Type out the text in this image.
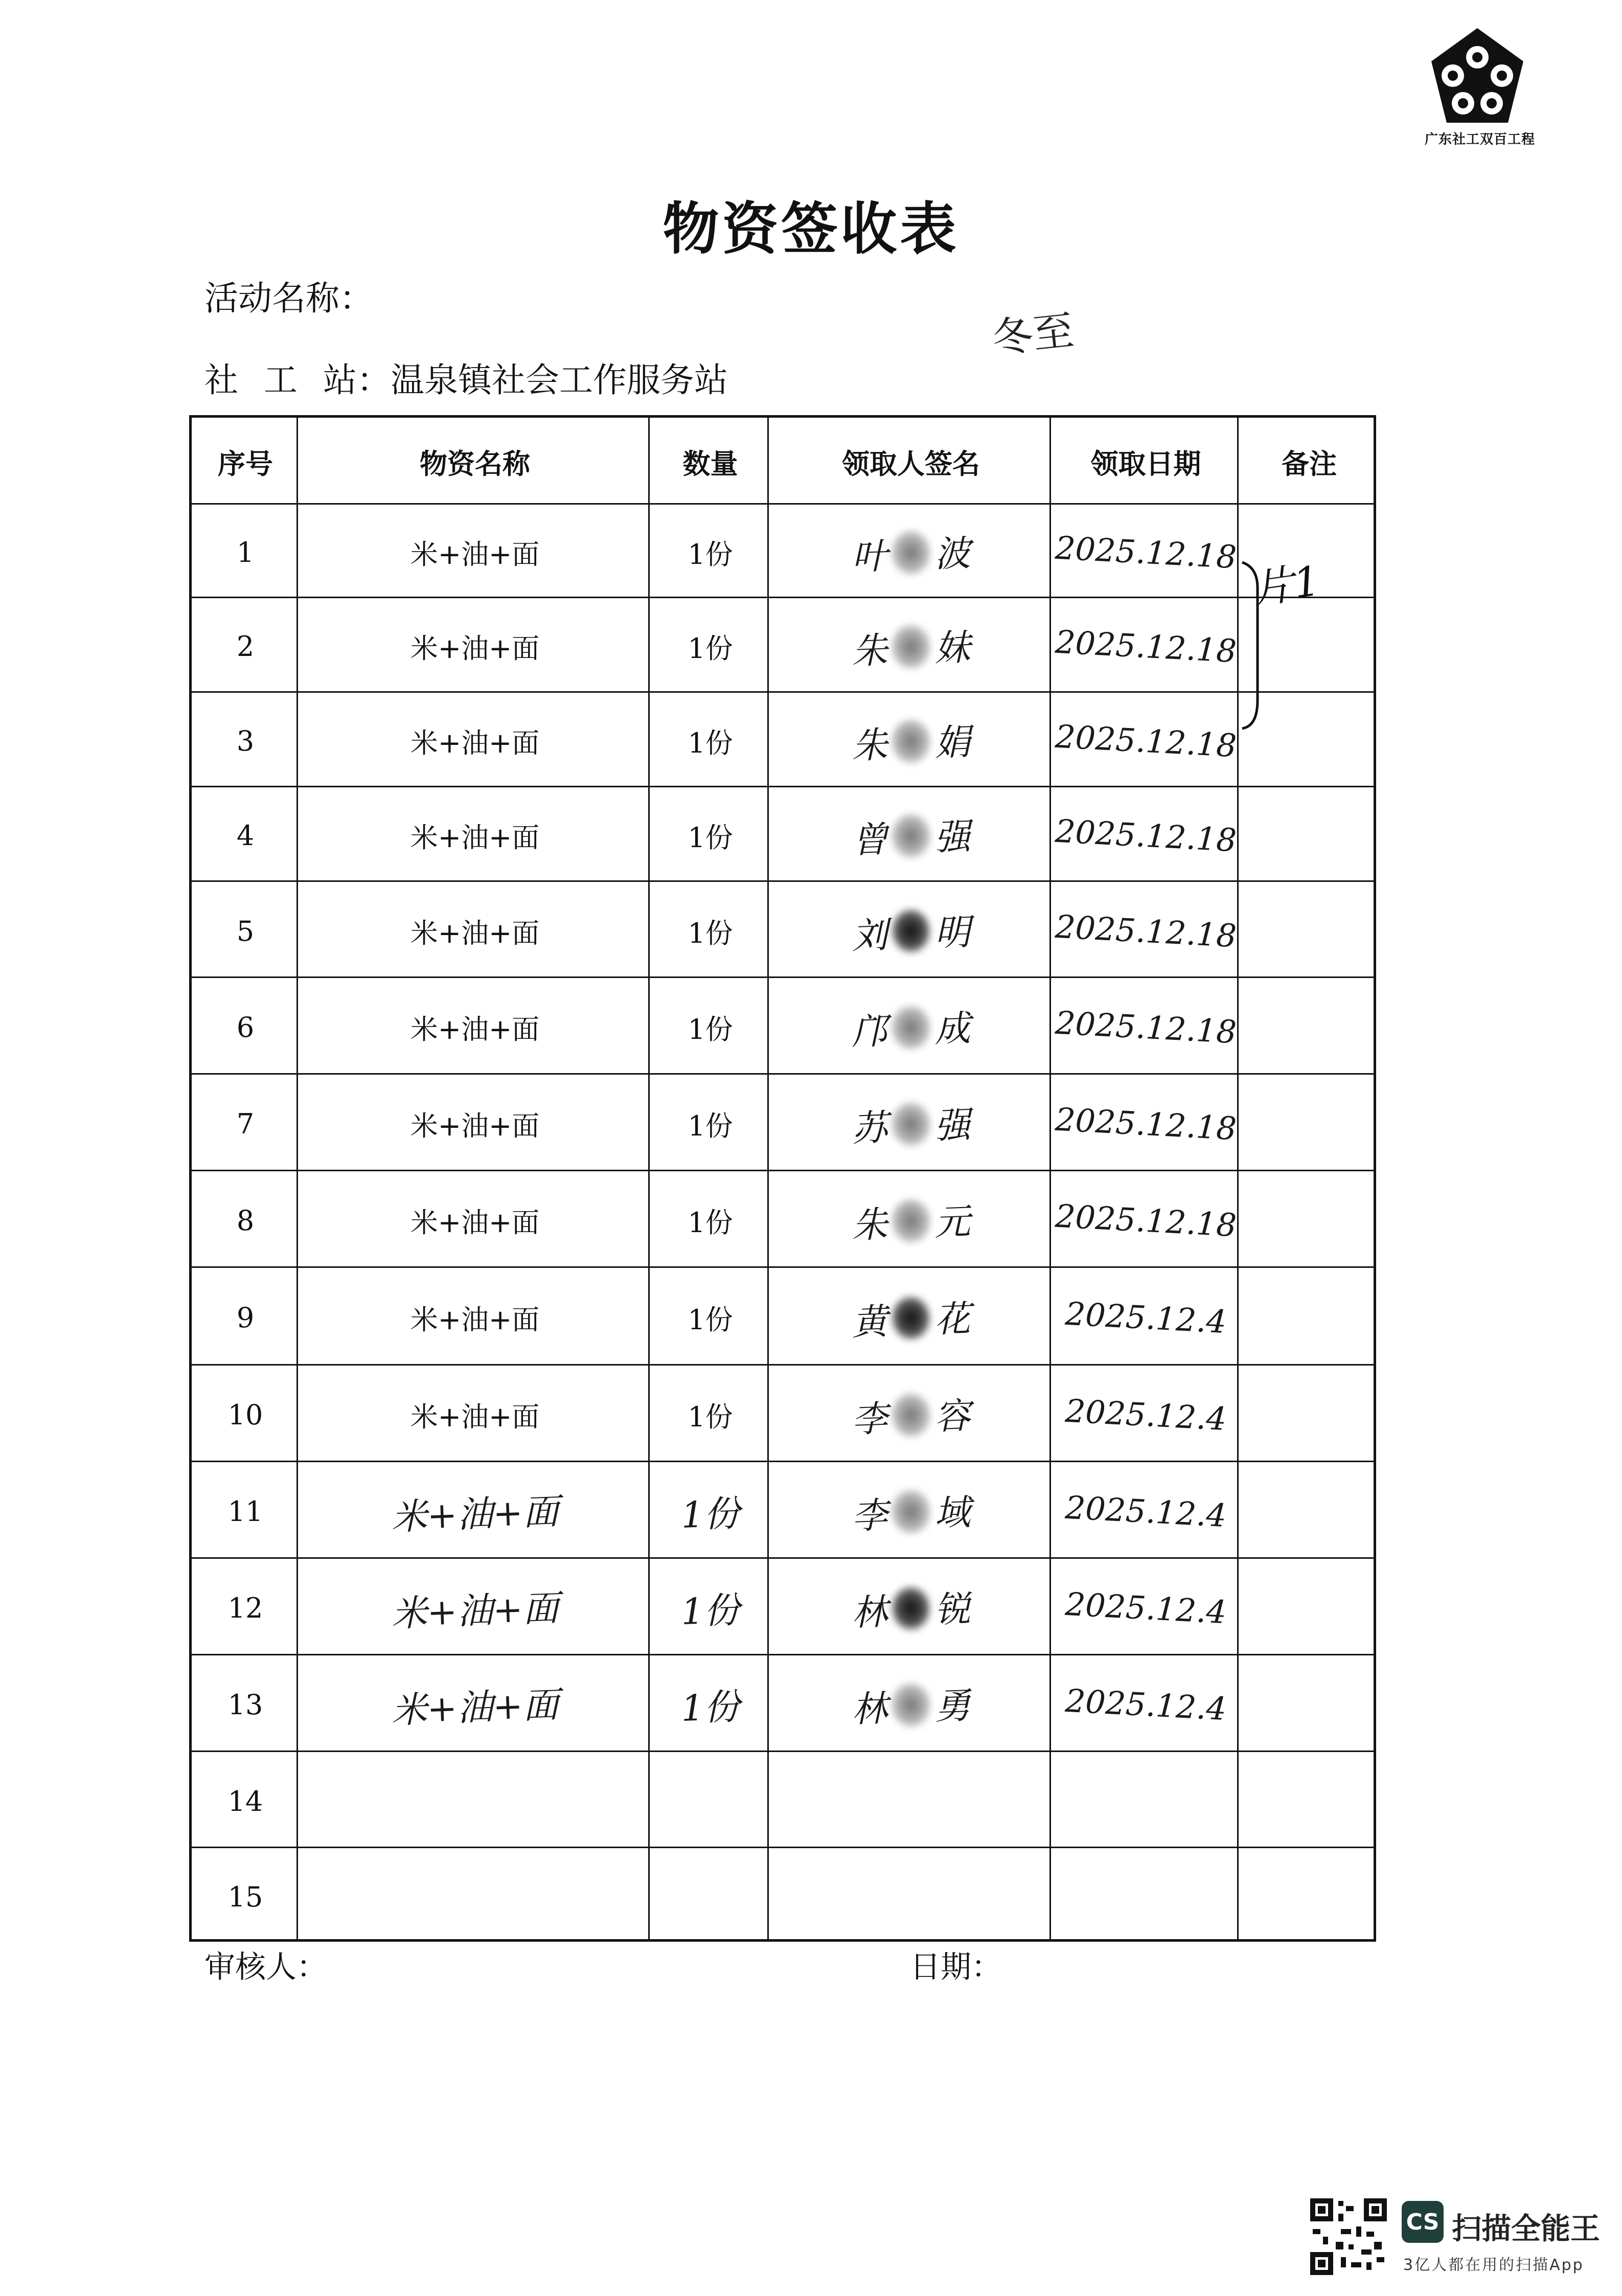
广东社工双百工程
物资签收表
活动名称：
冬至
社 工 站：温泉镇社会工作服务站
序号	物资名称	数量	领取人签名	领取日期	备注
1	米+油+面	1份	叶 波	2025.12.18
2	米+油+面	1份	朱 妹	2025.12.18
3	米+油+面	1份	朱 娟	2025.12.18
4	米+油+面	1份	曾 强	2025.12.18
5	米+油+面	1份	刘 明	2025.12.18
6	米+油+面	1份	邝 成	2025.12.18
7	米+油+面	1份	苏 强	2025.12.18
8	米+油+面	1份	朱 元	2025.12.18
9	米+油+面	1份	黄 花	2025.12.4
10	米+油+面	1份	李 容	2025.12.4
11	米+油+面	1份	李 域	2025.12.4
12	米+油+面	1份	林 锐	2025.12.4
13	米+油+面	1份	林 勇	2025.12.4
14
15
片1
审核人：	日期：
CS 扫描全能王
3亿人都在用的扫描App
